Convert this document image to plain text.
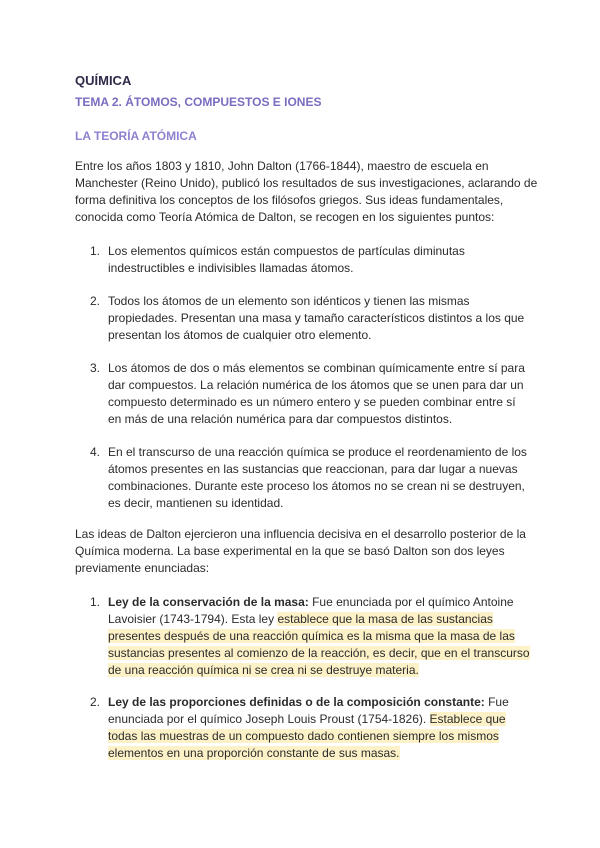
QUÍMICA
TEMA 2. ÁTOMOS, COMPUESTOS E IONES
LA TEORÍA ATÓMICA

Entre los años 1803 y 1810, John Dalton (1766-1844), maestro de escuela en Manchester (Reino Unido), publicó los resultados de sus investigaciones, aclarando de forma definitiva los conceptos de los filósofos griegos. Sus ideas fundamentales, conocida como Teoría Atómica de Dalton, se recogen en los siguientes puntos:

1. Los elementos químicos están compuestos de partículas diminutas indestructibles e indivisibles llamadas átomos.
2. Todos los átomos de un elemento son idénticos y tienen las mismas propiedades. Presentan una masa y tamaño característicos distintos a los que presentan los átomos de cualquier otro elemento.
3. Los átomos de dos o más elementos se combinan químicamente entre sí para dar compuestos. La relación numérica de los átomos que se unen para dar un compuesto determinado es un número entero y se pueden combinar entre sí en más de una relación numérica para dar compuestos distintos.
4. En el transcurso de una reacción química se produce el reordenamiento de los átomos presentes en las sustancias que reaccionan, para dar lugar a nuevas combinaciones. Durante este proceso los átomos no se crean ni se destruyen, es decir, mantienen su identidad.

Las ideas de Dalton ejercieron una influencia decisiva en el desarrollo posterior de la Química moderna. La base experimental en la que se basó Dalton son dos leyes previamente enunciadas:

1. Ley de la conservación de la masa: Fue enunciada por el químico Antoine Lavoisier (1743-1794). Esta ley establece que la masa de las sustancias presentes después de una reacción química es la misma que la masa de las sustancias presentes al comienzo de la reacción, es decir, que en el transcurso de una reacción química ni se crea ni se destruye materia.
2. Ley de las proporciones definidas o de la composición constante: Fue enunciada por el químico Joseph Louis Proust (1754-1826). Establece que todas las muestras de un compuesto dado contienen siempre los mismos elementos en una proporción constante de sus masas.
